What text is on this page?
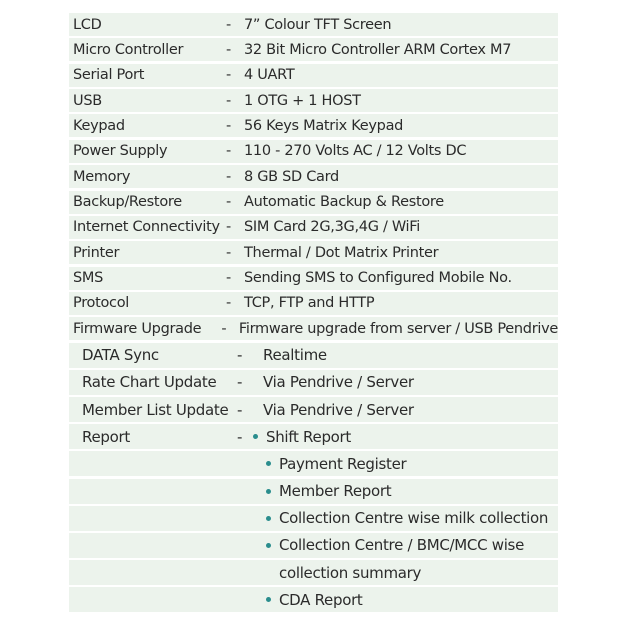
LCD	- 7” Colour TFT Screen
Micro Controller	- 32 Bit Micro Controller ARM Cortex M7
Serial Port	- 4 UART
USB	- 1 OTG + 1 HOST
Keypad	- 56 Keys Matrix Keypad
Power Supply	- 110 - 270 Volts AC / 12 Volts DC
Memory	- 8 GB SD Card
Backup/Restore	- Automatic Backup & Restore
Internet Connectivity - SIM Card 2G,3G,4G / WiFi
Printer	- Thermal / Dot Matrix Printer
SMS	- Sending SMS to Configured Mobile No.
Protocol	- TCP, FTP and HTTP
Firmware Upgrade	- Firmware upgrade from server / USB Pendrive
DATA Sync	-	Realtime
Rate Chart Update	-	Via Pendrive / Server
Member List Update -	Via Pendrive / Server
Report	-	Shift Report
Payment Register
Member Report
Collection Centre wise milk collection
Collection Centre / BMC/MCC wise
collection summary
CDA Report
